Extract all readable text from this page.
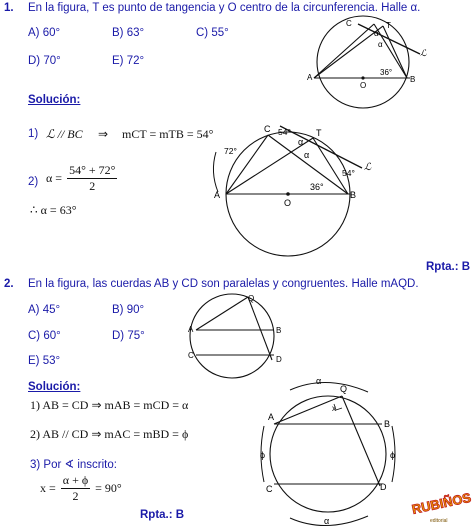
1. En la figura, T es punto de tangencia y O centro de la circunferencia. Halle α.
A) 60°	B) 63°	C) 55°
D) 70°	E) 72°
C	T
A
O
B
α
α
36°
ℒ
Solución:
1) ℒ // BC ⇒ mCT = mTB = 54°
2) $\alpha = \frac{54^\circ + 72^\circ}{2}$
∴ α = 63°
C	T
A
O
B
α
α
36°
ℒ
54°
54°
72°
Rpta.: B
2. En la figura, las cuerdas AB y CD son paralelas y congruentes. Halle mAQD.
A) 45°	B) 90°
C) 60°	D) 75°
E) 53°
Q
A	B
C	D
Solución:
1) AB = CD ⇒ mAB = mCD = α
2) AB // CD ⇒ mAC = mBD = ϕ
3) Por ∢ inscrito:
$x = \frac{\alpha + \phi}{2} = 90^\circ$
Rpta.: B
α
Q
x
A
B
C	D
ϕ	ϕ
α
RUBIÑOS
editorial
